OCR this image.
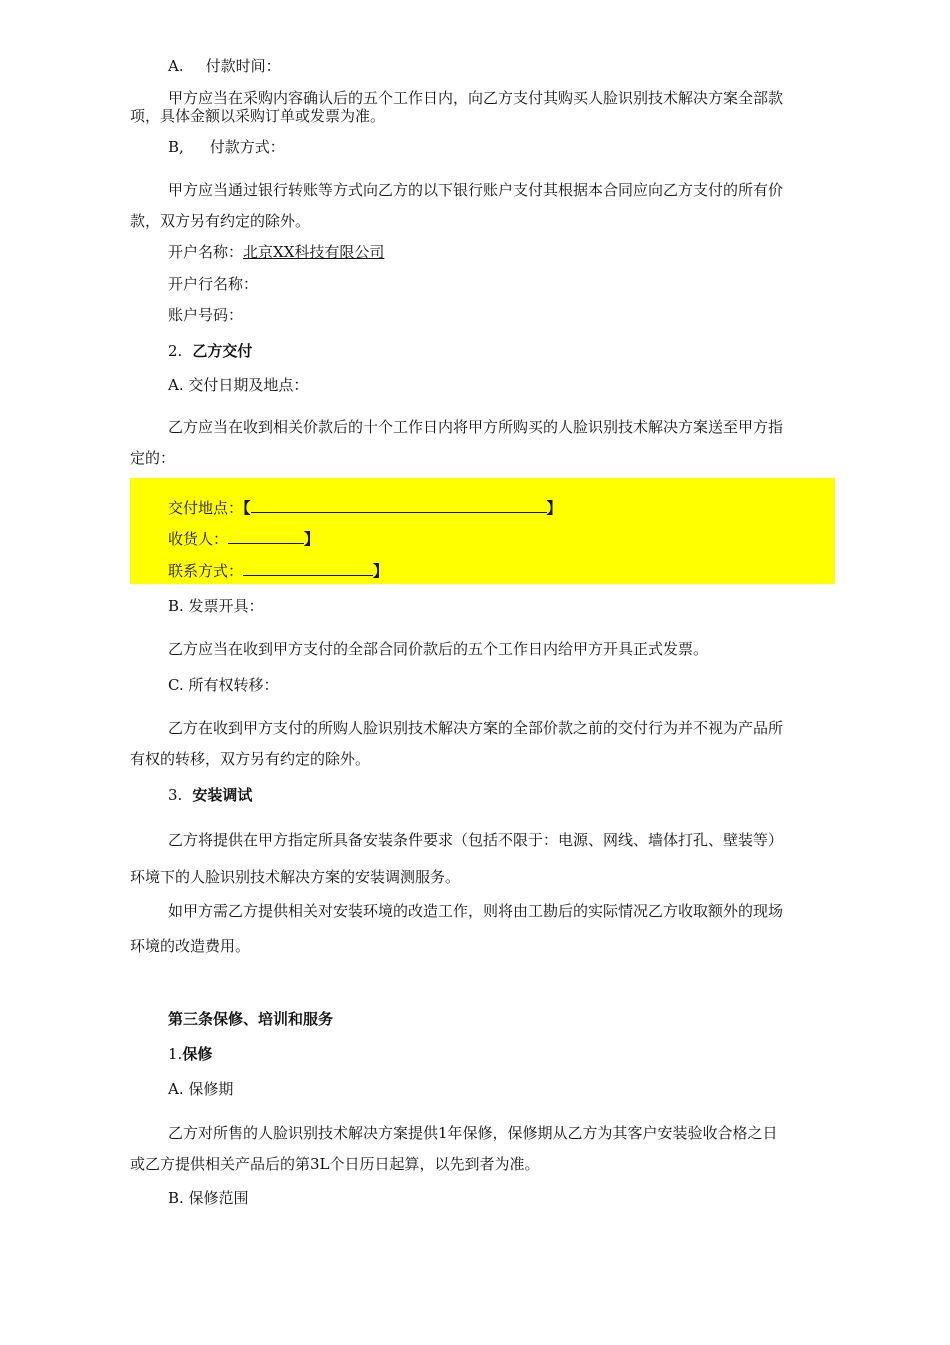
A. 付款时间：
甲方应当在采购内容确认后的五个工作日内，向乙方支付其购买人脸识别技术解决方案全部款
项，具体金额以采购订单或发票为准。
B, 付款方式：
甲方应当通过银行转账等方式向乙方的以下银行账户支付其根据本合同应向乙方支付的所有价
款，双方另有约定的除外。
开户名称：北京XX科技有限公司
开户行名称：
账户号码：
2. 乙方交付
A. 交付日期及地点：
乙方应当在收到相关价款后的十个工作日内将甲方所购买的人脸识别技术解决方案送至甲方指
定的：
交付地点：【	】
收货人：	】
联系方式：	】
B. 发票开具：
乙方应当在收到甲方支付的全部合同价款后的五个工作日内给甲方开具正式发票。
C. 所有权转移：
乙方在收到甲方支付的所购人脸识别技术解决方案的全部价款之前的交付行为并不视为产品所
有权的转移，双方另有约定的除外。
3. 安装调试
乙方将提供在甲方指定所具备安装条件要求（包括不限于：电源、网线、墙体打孔、壁装等）
环境下的人脸识别技术解决方案的安装调测服务。
如甲方需乙方提供相关对安装环境的改造工作，则将由工勘后的实际情况乙方收取额外的现场
环境的改造费用。
第三条保修、培训和服务
1.保修
A. 保修期
乙方对所售的人脸识别技术解决方案提供1年保修，保修期从乙方为其客户安装验收合格之日
或乙方提供相关产品后的第3L个日历日起算，以先到者为准。
B. 保修范围
